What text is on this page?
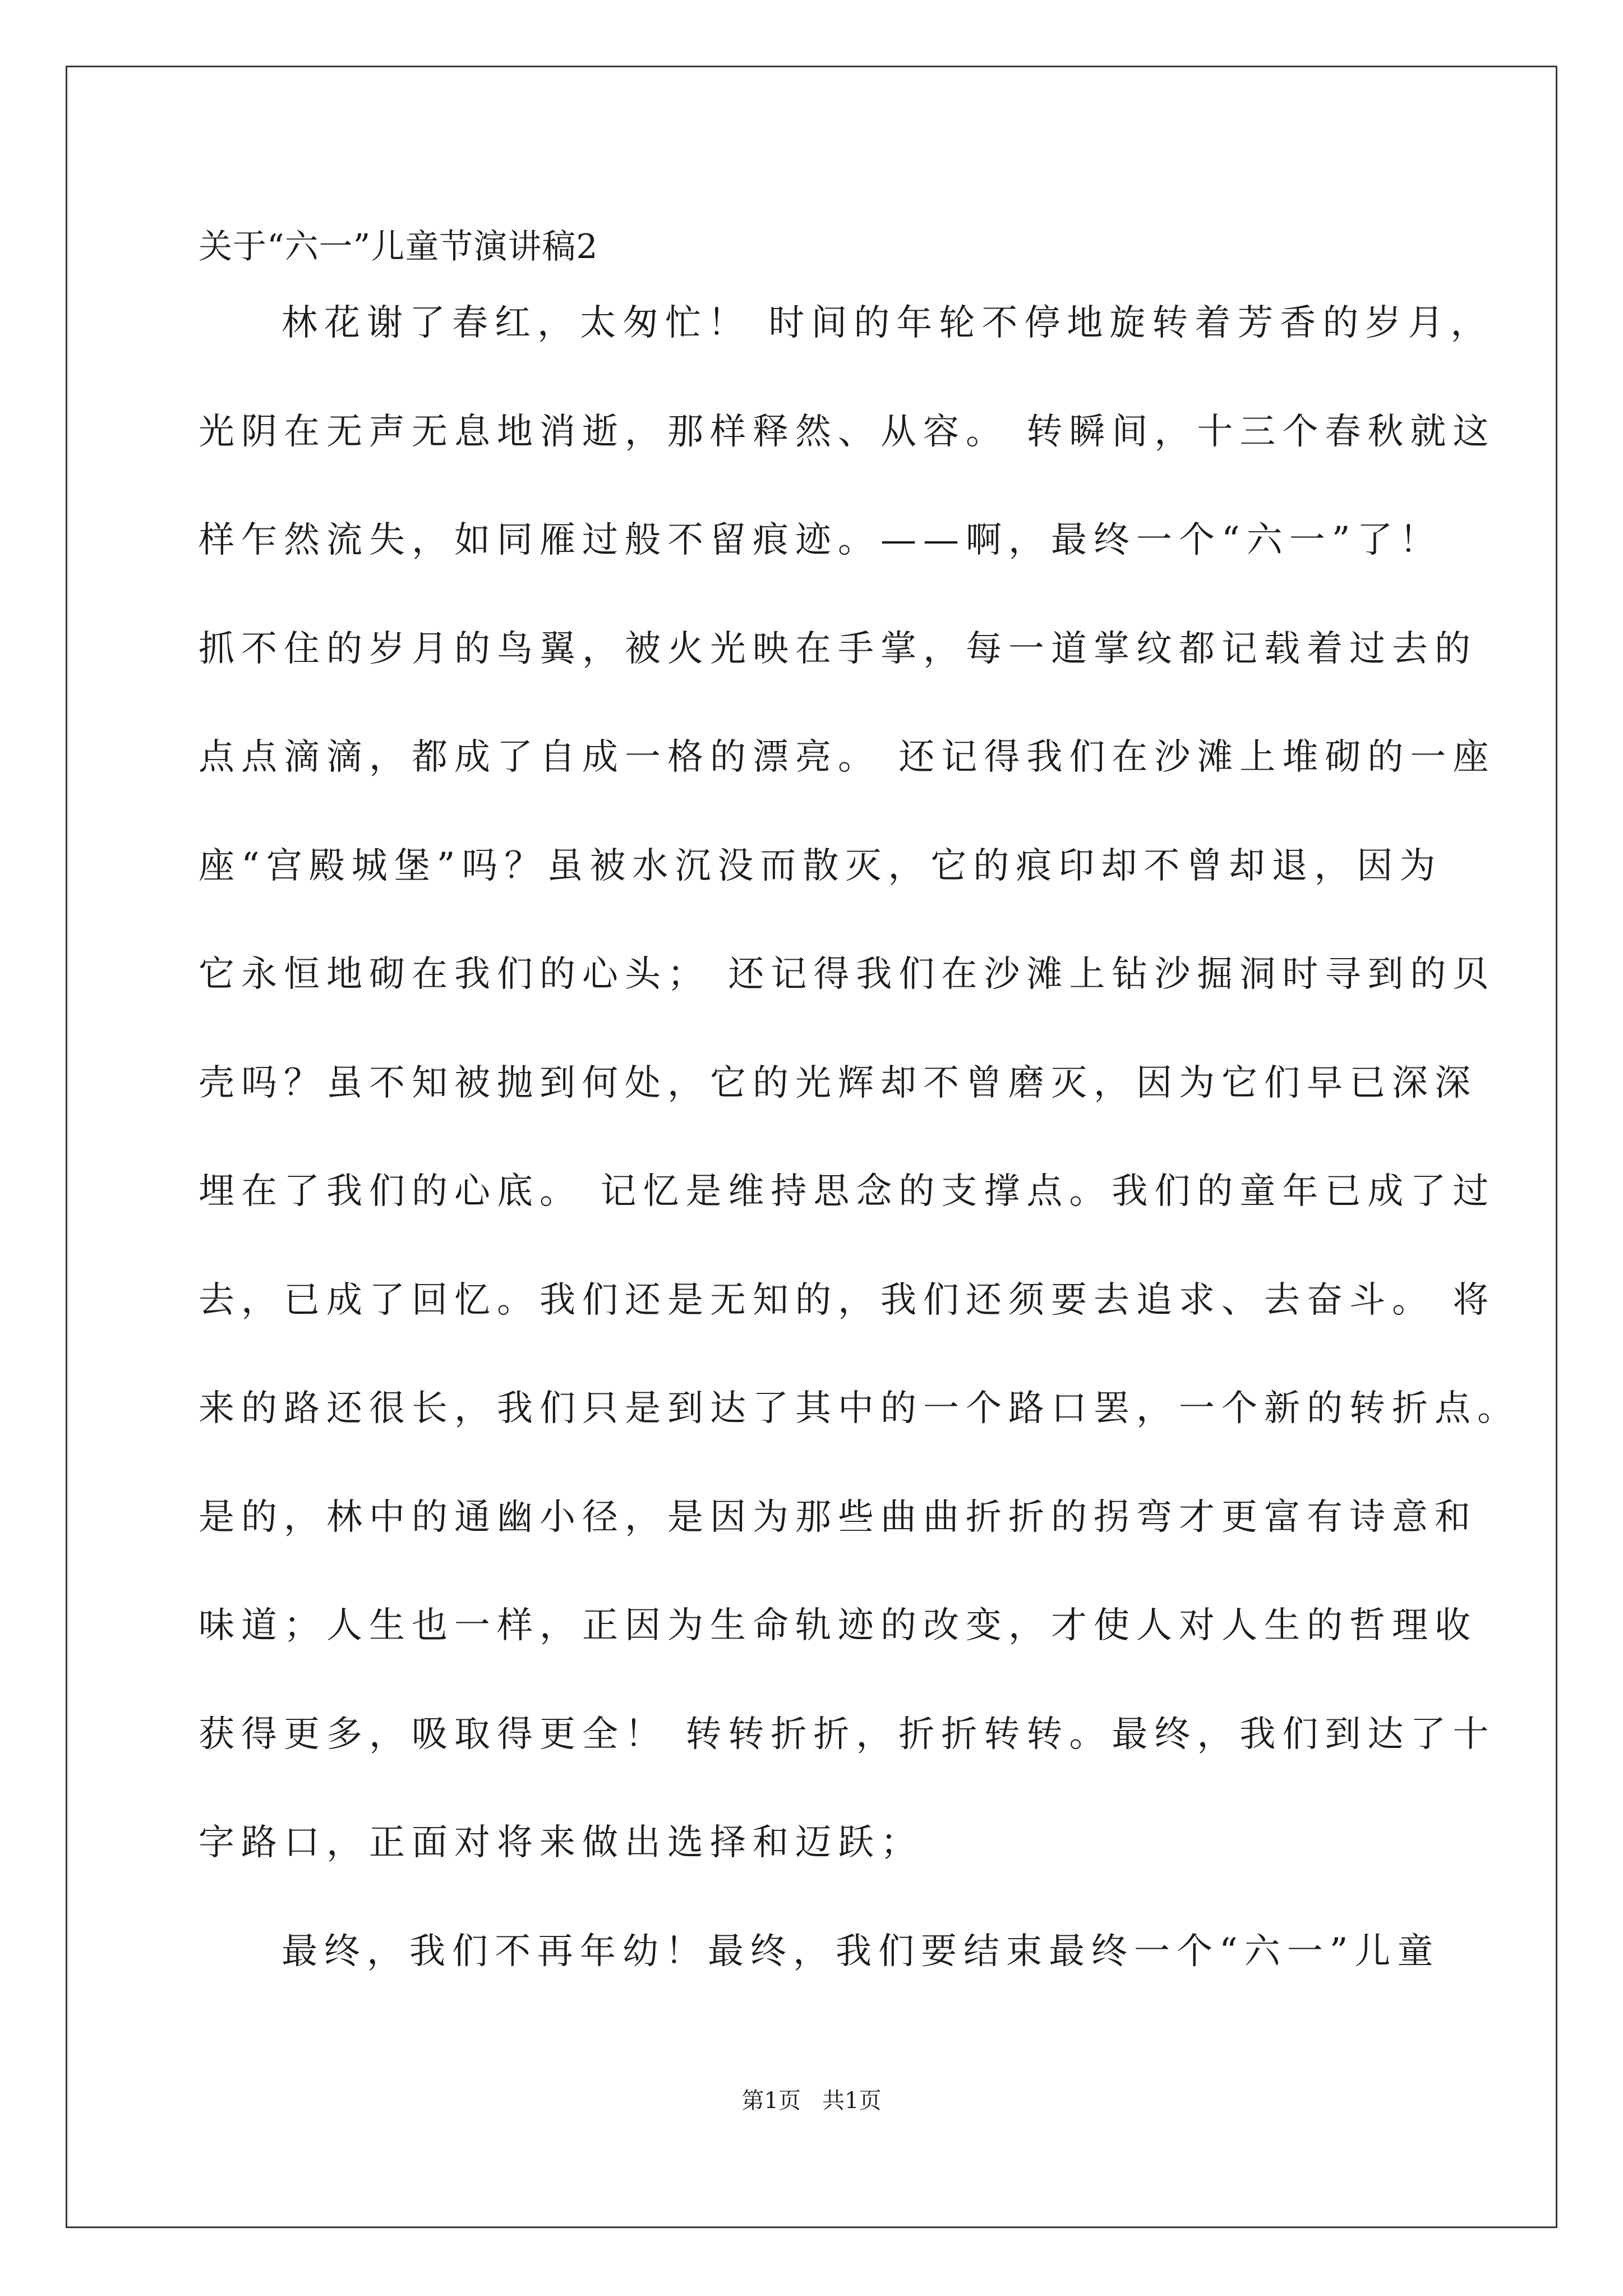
关于“六一”儿童节演讲稿2
林花谢了春红，太匆忙！ 时间的年轮不停地旋转着芳香的岁月，
光阴在无声无息地消逝，那样释然、从容。 转瞬间，十三个春秋就这
样乍然流失，如同雁过般不留痕迹。——啊，最终一个“六一”了！
抓不住的岁月的鸟翼，被火光映在手掌，每一道掌纹都记载着过去的
点点滴滴，都成了自成一格的漂亮。 还记得我们在沙滩上堆砌的一座
座“宫殿城堡”吗？虽被水沉没而散灭，它的痕印却不曾却退，因为
它永恒地砌在我们的心头； 还记得我们在沙滩上钻沙掘洞时寻到的贝
壳吗？虽不知被抛到何处，它的光辉却不曾磨灭，因为它们早已深深
埋在了我们的心底。 记忆是维持思念的支撑点。我们的童年已成了过
去，已成了回忆。我们还是无知的，我们还须要去追求、去奋斗。 将
来的路还很长，我们只是到达了其中的一个路口罢，一个新的转折点。
是的，林中的通幽小径，是因为那些曲曲折折的拐弯才更富有诗意和
味道；人生也一样，正因为生命轨迹的改变，才使人对人生的哲理收
获得更多，吸取得更全！ 转转折折，折折转转。最终，我们到达了十
字路口，正面对将来做出选择和迈跃；
最终，我们不再年幼！最终，我们要结束最终一个“六一”儿童
第1页   共1页
